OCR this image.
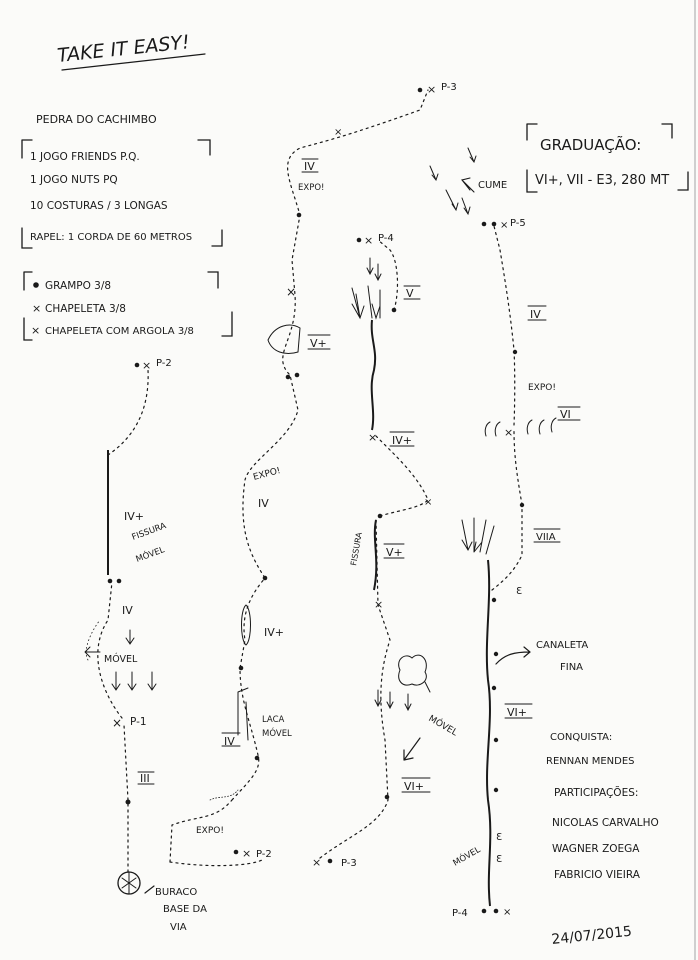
TAKE IT EASY!
PEDRA DO CACHIMBO
1 JOGO FRIENDS P.Q.
1 JOGO NUTS PQ
10 COSTURAS / 3 LONGAS
RAPEL: 1 CORDA DE 60 METROS
GRAMPO 3/8
× CHAPELETA 3/8
× CHAPELETA COM ARGOLA 3/8
GRADUAÇÃO:
VI+, VII - E3, 280 MT
BURACO
BASE DA
VIA
III
× P-1
MÓVEL
IV
IV+
FISSURA
MÓVEL
× P-2
EXPO!
× P-2
IV
LACA
MÓVEL
IV+
EXPO!
IV
V+
×
EXPO!
IV
×
× P-3
× P-3
VI+
MÓVEL
×
FISSURA V+
×
× IV+
V
× P-4
P-4	×
MÓVEL
Ɛ
Ɛ
VI+
CANALETA
FINA
Ɛ
VIIA
×
VI
EXPO!
IV
× P-5
CUME
CONQUISTA:
RENNAN MENDES
PARTICIPAÇÕES:
NICOLAS CARVALHO
WAGNER ZOEGA
FABRICIO VIEIRA
24/07/2015
